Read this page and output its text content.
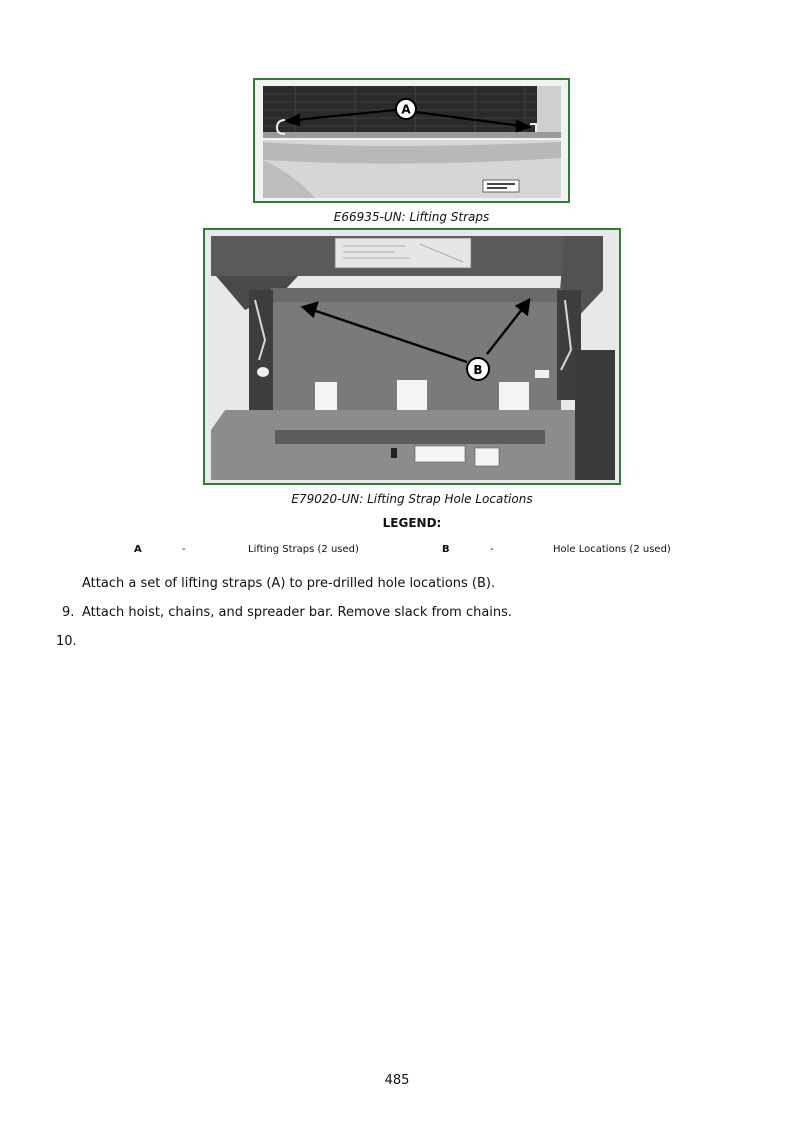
A
E66935-UN: Lifting Straps
B
E79020-UN: Lifting Strap Hole Locations
LEGEND:
A	-	Lifting Straps (2 used)	B	-	Hole Locations (2 used)
Attach a set of lifting straps (A) to pre-drilled hole locations (B).
9. Attach hoist, chains, and spreader bar. Remove slack from chains.
10.
485
